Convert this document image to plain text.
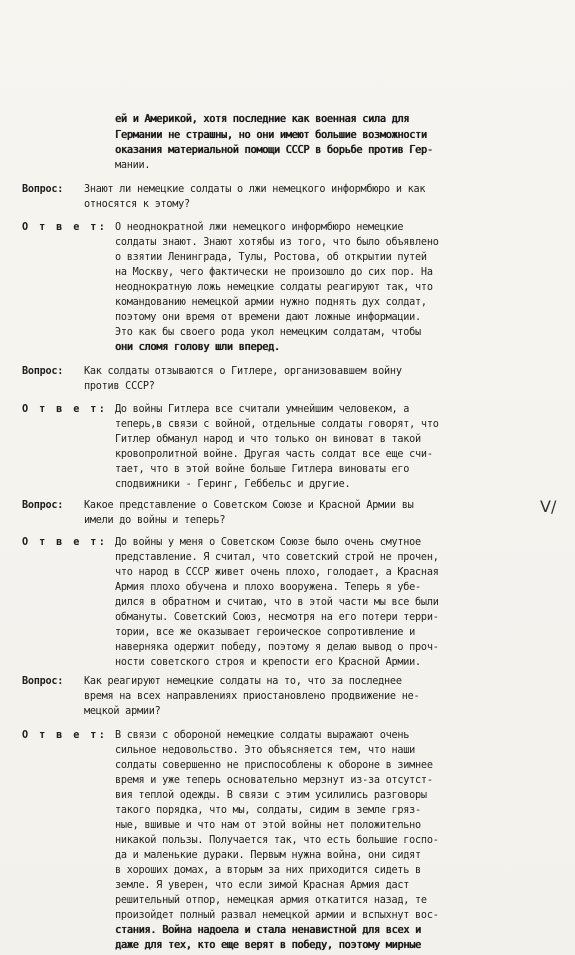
ей и Америкой, хотя последние как военная сила для
Германии не страшны, но они имеют большие возможности
оказания материальной помощи СССР в борьбе против Гер-
мании.
Вопрос: Знают ли немецкие солдаты о лжи немецкого информбюро и как
относятся к этому?
О т в е т: О неоднократной лжи немецкого информбюро немецкие
солдаты знают. Знают хотябы из того, что было объявлено
о взятии Ленинграда, Тулы, Ростова, об открытии путей
на Москву, чего фактически не произошло до сих пор. На
неоднократную ложь немецкие солдаты реагируют так, что
командованию немецкой армии нужно поднять дух солдат,
поэтому они время от времени дают ложные информации.
Это как бы своего рода укол немецким солдатам, чтобы
они сломя голову шли вперед.
Вопрос: Как солдаты отзываются о Гитлере, организовавшем войну
против СССР?
О т в е т: До войны Гитлера все считали умнейшим человеком, а
теперь,в связи с войной, отдельные солдаты говорят, что
Гитлер обманул народ и что только он виноват в такой
кровопролитной войне. Другая часть солдат все еще счи-
тает, что в этой войне больше Гитлера виноваты его
сподвижники - Геринг, Геббельс и другие.
Вопрос: Какое представление о Советском Союзе и Красной Армии вы
имели до войны и теперь?
V/
О т в е т: До войны у меня о Советском Союзе было очень смутное
представление. Я считал, что советский строй не прочен,
что народ в СССР живет очень плохо, голодает, а Красная
Армия плохо обучена и плохо вооружена. Теперь я убе-
дился в обратном и считаю, что в этой части мы все были
обмануты. Советский Союз, несмотря на его потери терри-
тории, все же оказывает героическое сопротивление и
наверняка одержит победу, поэтому я делаю вывод о проч-
ности советского строя и крепости его Красной Армии.
Вопрос: Как реагируют немецкие солдаты на то, что за последнее
время на всех направлениях приостановлено продвижение не-
мецкой армии?
О т в е т: В связи с обороной немецкие солдаты выражают очень
сильное недовольство. Это объясняется тем, что наши
солдаты совершенно не приспособлены к обороне в зимнее
время и уже теперь основательно мерзнут из-за отсутст-
вия теплой одежды. В связи с этим усилились разговоры
такого порядка, что мы, солдаты, сидим в земле гряз-
ные, вшивые и что нам от этой войны нет положительно
никакой пользы. Получается так, что есть большие госпо-
да и маленькие дураки. Первым нужна война, они сидят
в хороших домах, а вторым за них приходится сидеть в
земле. Я уверен, что если зимой Красная Армия даст
решительный отпор, немецкая армия откатится назад, те
произойдет полный развал немецкой армии и вспыхнут вос-
стания. Война надоела и стала ненавистной для всех и
даже для тех, кто еще верят в победу, поэтому мирные
